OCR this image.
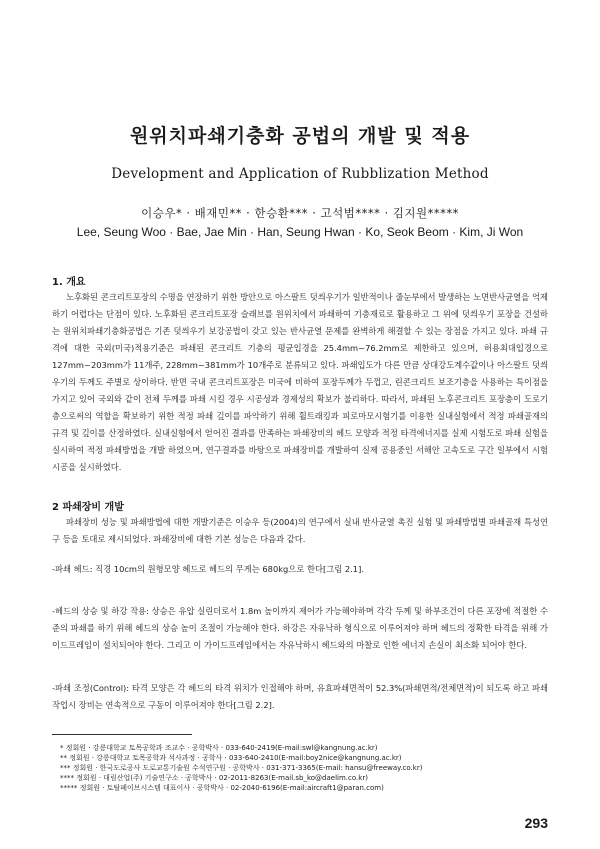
원위치파쇄기충화 공법의 개발 및 적용
Development and Application of Rubblization Method
이승우* · 배재민** · 한승환*** · 고석범**** · 김지원*****
Lee, Seung Woo · Bae, Jae Min · Han, Seung Hwan · Ko, Seok Beom · Kim, Ji Won
1. 개요

노후화된 콘크리트포장의 수명을 연장하기 위한 방안으로 아스팔트 덧씌우기가 일반적이나 줄눈부에서 발생하는 노면반사균열을 억제하기 어렵다는 단점이 있다. 노후화된 콘크리트포장 슬래브를 원위치에서 파쇄하여 기층재료로 활용하고 그 위에 덧씌우기 포장을 건설하는 원위치파쇄기층화공법은 기존 덧씌우기 보강공법이 갖고 있는 반사균열 문제를 완벽하게 해결할 수 있는 장점을 가지고 있다. 파쇄 규격에 대한 국외(미국)적용기준은 파쇄된 콘크리트 기층의 평균입경을 25.4mm~76.2mm로 제한하고 있으며, 허용최대입경으로 127mm~203mm가 11개주, 228mm~381mm가 10개주로 분류되고 있다. 파쇄입도가 다른 만큼 상대강도계수값이나 아스팔트 덧씌우기의 두께도 주별로 상이하다. 반면 국내 콘크리트포장은 미국에 비하여 포장두께가 두껍고, 린콘크리트 보조기층을 사용하는 특이점을 가지고 있어 국외와 같이 전체 두께를 파쇄 시킬 경우 시공성과 경제성의 확보가 불리하다. 따라서, 파쇄된 노후콘크리트 포장층이 도로기층으로써의 역할을 확보하기 위한 적정 파쇄 깊이를 파악하기 위해 휠트래킹과 피로마모시험기를 이용한 실내실험에서 적정 파쇄골재의 규격 및 깊이를 산정하였다. 실내실험에서 얻어진 결과를 만족하는 파쇄장비의 헤드 모양과 적정 타격에너지를 실제 시험도로 파쇄 실험을 실시하여 적정 파쇄방법을 개발 하였으며, 연구결과를 바탕으로 파쇄장비를 개발하여 실제 공용중인 서해안 고속도로 구간 일부에서 시험시공을 실시하였다.

2 파쇄장비 개발

파쇄장비 성능 및 파쇄방법에 대한 개발기준은 이승우 등(2004)의 연구에서 실내 반사균열 촉진 실험 및 파쇄방법별 파쇄골재 특성연구 등을 토대로 제시되었다. 파쇄장비에 대한 기본 성능은 다음과 같다.

-파쇄 헤드: 직경 10cm의 원형모양 헤드로 헤드의 무게는 680kg으로 한다[그림 2.1].

-헤드의 상승 및 하강 작용: 상승은 유압 실린더로서 1.8m 높이까지 제어가 가능해야하며 각각 두께 및 하부조건이 다른 포장에 적절한 수준의 파쇄를 하기 위해 헤드의 상승 높이 조절이 가능해야 한다. 하강은 자유낙하 형식으로 이루어져야 하며 헤드의 정확한 타격을 위해 가이드프레임이 설치되어야 한다. 그리고 이 가이드프레임에서는 자유낙하시 헤드와의 마찰로 인한 에너지 손실이 최소화 되어야 한다.

-파쇄 조정(Control): 타격 모양은 각 헤드의 타격 위치가 인접해야 하며, 유효파쇄면적이 52.3%(파쇄면적/전체면적)이 되도록 하고 파쇄작업시 장비는 연속적으로 구동이 이루어져야 한다[그림 2.2].

* 정회원 · 강릉대학교 토목공학과 조교수 · 공학박사 · 033-640-2419(E-mail:swl@kangnung.ac.kr)
** 정회원 · 강릉대학교 토목공학과 석사과정 · 공학사 · 033-640-2410(E-mail:boy2nice@kangnung.ac.kr)
*** 정회원 · 한국도로공사 도로교통기술원 수석연구원 · 공학박사 · 031-371-3365(E-mail: hansu@freeway.co.kr)
**** 정회원 · 대림산업(주) 기술연구소 · 공학박사 · 02-2011-8263(E-mail.sb_ko@daelim.co.kr)
***** 정회원 · 토탈페이브시스템 대표이사 · 공학박사 · 02-2040-6196(E-mail:aircraft1@paran.com)
293
